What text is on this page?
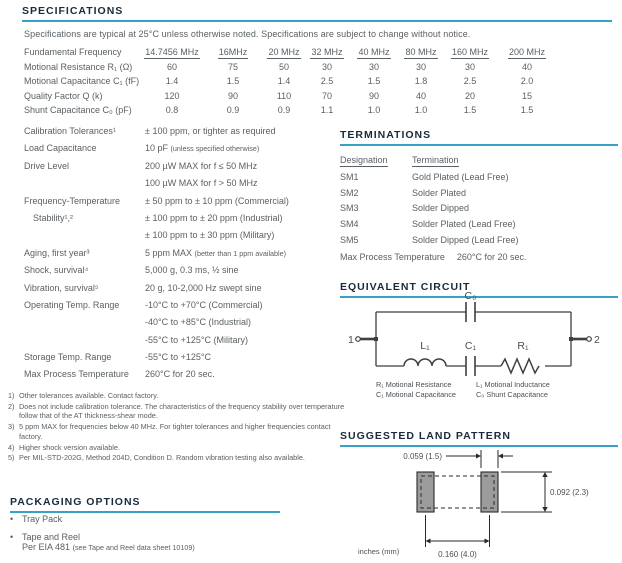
SPECIFICATIONS
Specifications are typical at 25°C unless otherwise noted. Specifications are subject to change without notice.
Fundamental Frequency	14.7456 MHz	16MHz	20 MHz	32 MHz	40 MHz	80 MHz	160 MHz	200 MHz
Motional Resistance R₁ (Ω)	60	75	50	30	30	30	30	40
Motional Capacitance C₁ (fF)	1.4	1.5	1.4	2.5	1.5	1.8	2.5	2.0
Quality Factor Q (k)	120	90	110	70	90	40	20	15
Shunt Capacitance C₀ (pF)	0.8	0.9	0.9	1.1	1.0	1.0	1.5	1.5
Calibration Tolerances¹	± 100 ppm, or tighter as required
Load Capacitance	10 pF (unless specified otherwise)
Drive Level	200 µW MAX for f ≤ 50 MHz
100 µW MAX for f > 50 MHz
Frequency-Temperature	± 50 ppm to ± 10 ppm (Commercial)
Stability¹,²	± 100 ppm to ± 20 ppm (Industrial)
± 100 ppm to ± 30 ppm (Military)
Aging, first year³	5 ppm MAX (better than 1 ppm available)
Shock, survival⁴	5,000 g, 0.3 ms, ½ sine
Vibration, survival⁵	20 g, 10-2,000 Hz swept sine
Operating Temp. Range	-10°C to +70°C (Commercial)
-40°C to +85°C (Industrial)
-55°C to +125°C (Military)
Storage Temp. Range	-55°C to +125°C
Max Process Temperature	260°C for 20 sec.
1) Other tolerances available. Contact factory.
2) Does not include calibration tolerance. The characteristics of the frequency stability over temperature follow that of the AT thickness-shear mode.
3) 5 ppm MAX for frequencies below 40 MHz. For tighter tolerances and higher frequencies contact factory.
4) Higher shock version available.
5) Per MIL-STD-202G, Method 204D, Condition D. Random vibration testing also available.
PACKAGING OPTIONS
• Tray Pack
• Tape and Reel
Per EIA 481 (see Tape and Reel data sheet 10109)
TERMINATIONS
Designation	Termination
SM1	Gold Plated (Lead Free)
SM2	Solder Plated
SM3	Solder Dipped
SM4	Solder Plated (Lead Free)
SM5	Solder Dipped (Lead Free)
Max Process Temperature 260°C for 20 sec.
EQUIVALENT CIRCUIT
1	2
C₀
L₁	C₁	R₁
R₁ Motional Resistance	L₁ Motional Inductance
C₁ Motional Capacitance	C₀ Shunt Capacitance
SUGGESTED LAND PATTERN
0.059 (1.5)
0.092 (2.3)
0.160 (4.0)
inches (mm)
